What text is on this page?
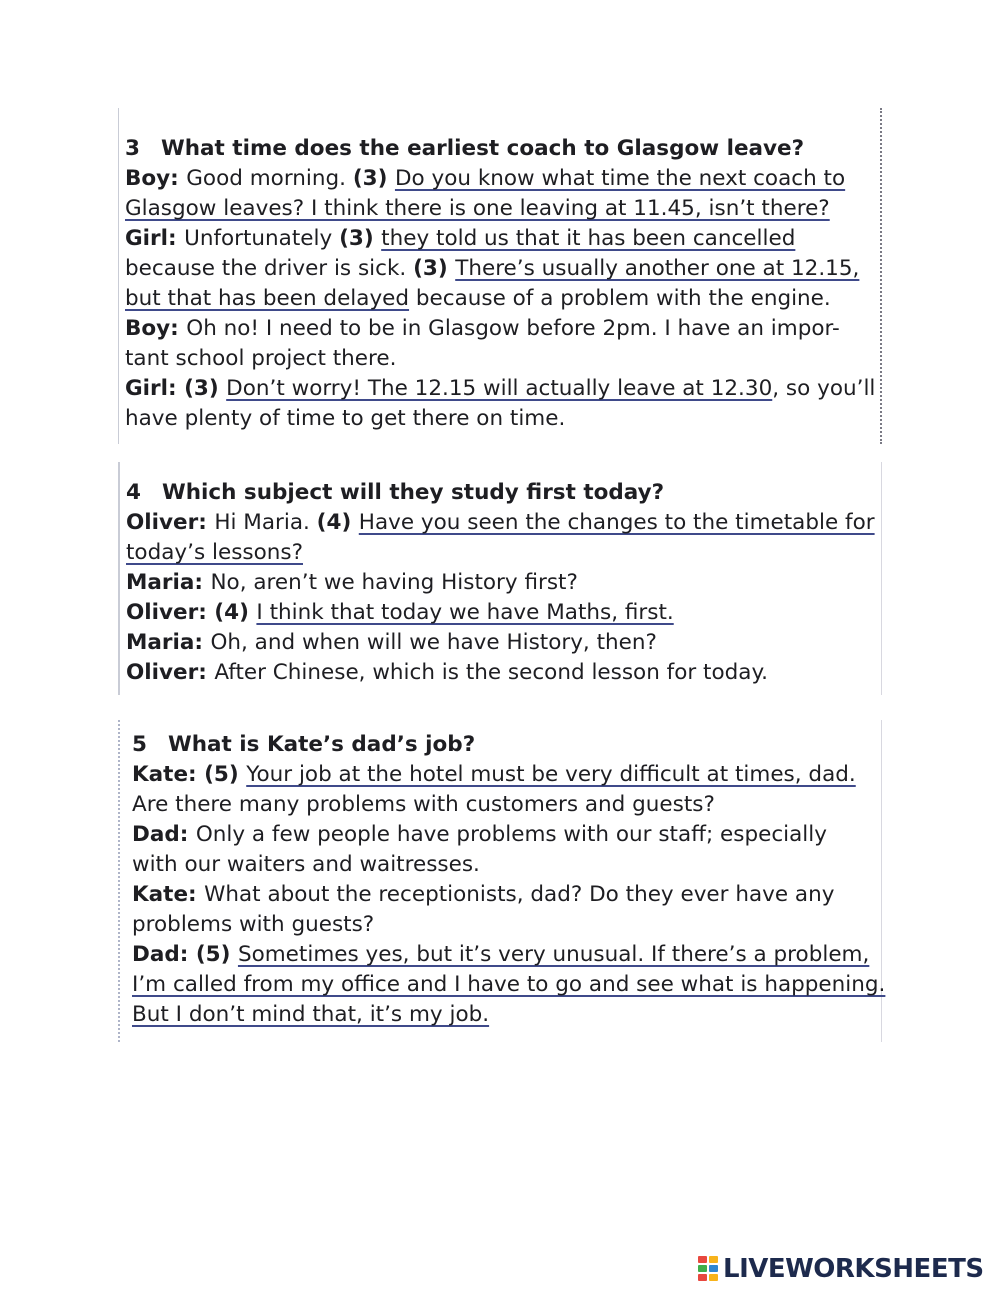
3 What time does the earliest coach to Glasgow leave?
Boy: Good morning. (3) Do you know what time the next coach to
Glasgow leaves? I think there is one leaving at 11.45, isn’t there?
Girl: Unfortunately (3) they told us that it has been cancelled
because the driver is sick. (3) There’s usually another one at 12.15,
but that has been delayed because of a problem with the engine.
Boy: Oh no! I need to be in Glasgow before 2pm. I have an impor-
tant school project there.
Girl: (3) Don’t worry! The 12.15 will actually leave at 12.30, so you’ll
have plenty of time to get there on time.
4 Which subject will they study first today?
Oliver: Hi Maria. (4) Have you seen the changes to the timetable for
today’s lessons?
Maria: No, aren’t we having History first?
Oliver: (4) I think that today we have Maths, first.
Maria: Oh, and when will we have History, then?
Oliver: After Chinese, which is the second lesson for today.
5 What is Kate’s dad’s job?
Kate: (5) Your job at the hotel must be very difficult at times, dad.
Are there many problems with customers and guests?
Dad: Only a few people have problems with our staff; especially
with our waiters and waitresses.
Kate: What about the receptionists, dad? Do they ever have any
problems with guests?
Dad: (5) Sometimes yes, but it’s very unusual. If there’s a problem,
I’m called from my office and I have to go and see what is happening.
But I don’t mind that, it’s my job.
LIVEWORKSHEETS
